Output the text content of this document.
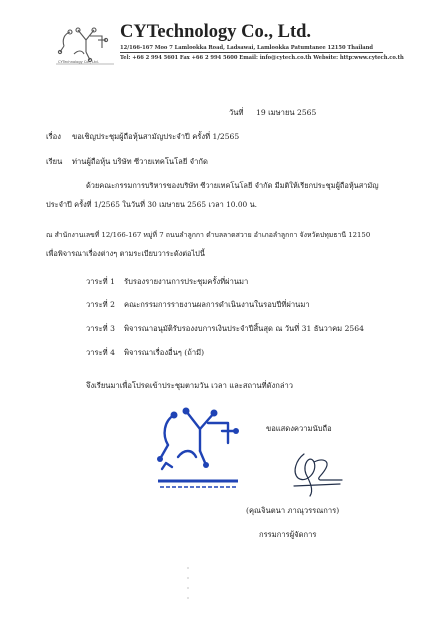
CYTechnology Co., Ltd.
CYTechnology Co., Ltd.
12/166-167 Moo 7 Lamlookka Road, Ladsawai, Lamlookka Patumtanee 12150 Thailand
Tel: +66 2 994 5601 Fax +66 2 994 5600 Email: info@cytech.co.th Website: http:www.cytech.co.th
วันที่ 19 เมษายน 2565
เรื่อง ขอเชิญประชุมผู้ถือหุ้นสามัญประจำปี ครั้งที่ 1/2565
เรียน ท่านผู้ถือหุ้น บริษัท ซีวายเทคโนโลยี จำกัด
ด้วยคณะกรรมการบริหารของบริษัท ซีวายเทคโนโลยี จำกัด มีมติให้เรียกประชุมผู้ถือหุ้นสามัญ
ประจำปี ครั้งที่ 1/2565 ในวันที่ 30 เมษายน 2565 เวลา 10.00 น.
ณ สำนักงานเลขที่ 12/166-167 หมู่ที่ 7 ถนนลำลูกกา ตำบลลาดสวาย อำเภอลำลูกกา จังหวัดปทุมธานี 12150
เพื่อพิจารณาเรื่องต่างๆ ตามระเบียบวาระดังต่อไปนี้
วาระที่ 1 รับรองรายงานการประชุมครั้งที่ผ่านมา
วาระที่ 2 คณะกรรมการรายงานผลการดำเนินงานในรอบปีที่ผ่านมา
วาระที่ 3 พิจารณาอนุมัติรับรองงบการเงินประจำปีสิ้นสุด ณ วันที่ 31 ธันวาคม 2564
วาระที่ 4 พิจารณาเรื่องอื่นๆ (ถ้ามี)
จึงเรียนมาเพื่อโปรดเข้าประชุมตามวัน เวลา และสถานที่ดังกล่าว
ขอแสดงความนับถือ
(คุณจินตนา ภาณุวรรณการ)
กรรมการผู้จัดการ
